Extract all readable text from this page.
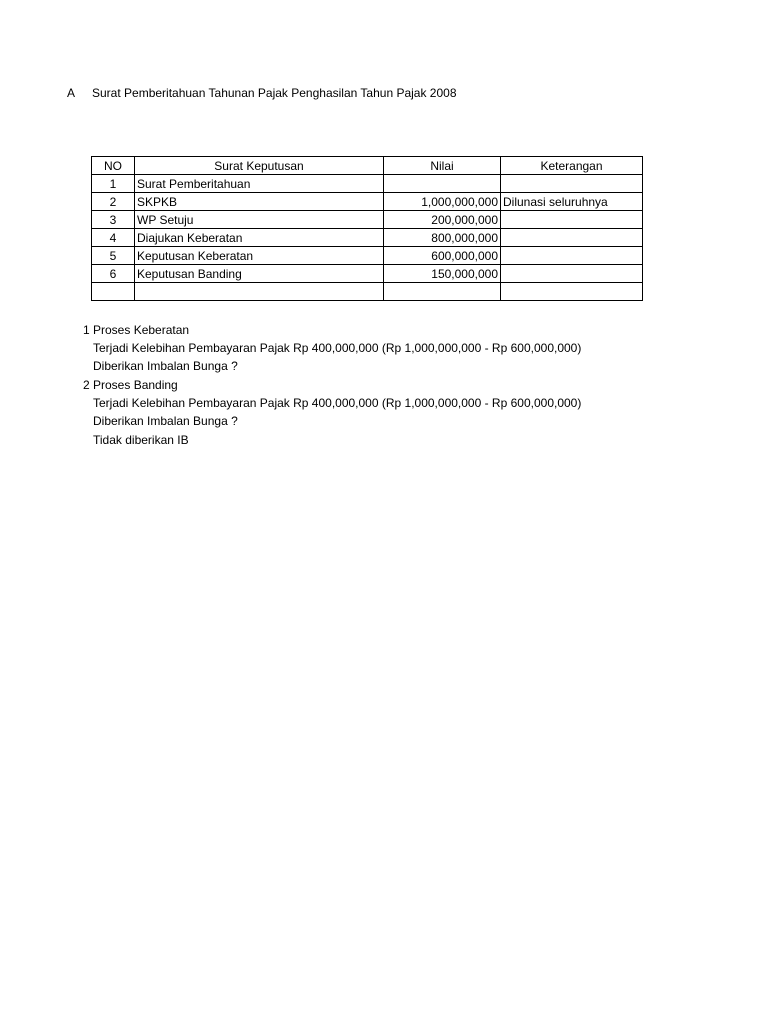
A Surat Pemberitahuan Tahunan Pajak Penghasilan Tahun Pajak 2008
NO	Surat Keputusan	Nilai	Keterangan
1	Surat Pemberitahuan		
2	SKPKB	1,000,000,000	Dilunasi seluruhnya
3	WP Setuju	200,000,000	
4	Diajukan Keberatan	800,000,000	
5	Keputusan Keberatan	600,000,000	
6	Keputusan Banding	150,000,000	

1 Proses Keberatan
Terjadi Kelebihan Pembayaran Pajak Rp 400,000,000 (Rp 1,000,000,000 - Rp 600,000,000)
Diberikan Imbalan Bunga ?
2 Proses Banding
Terjadi Kelebihan Pembayaran Pajak Rp 400,000,000 (Rp 1,000,000,000 - Rp 600,000,000)
Diberikan Imbalan Bunga ?
Tidak diberikan IB
